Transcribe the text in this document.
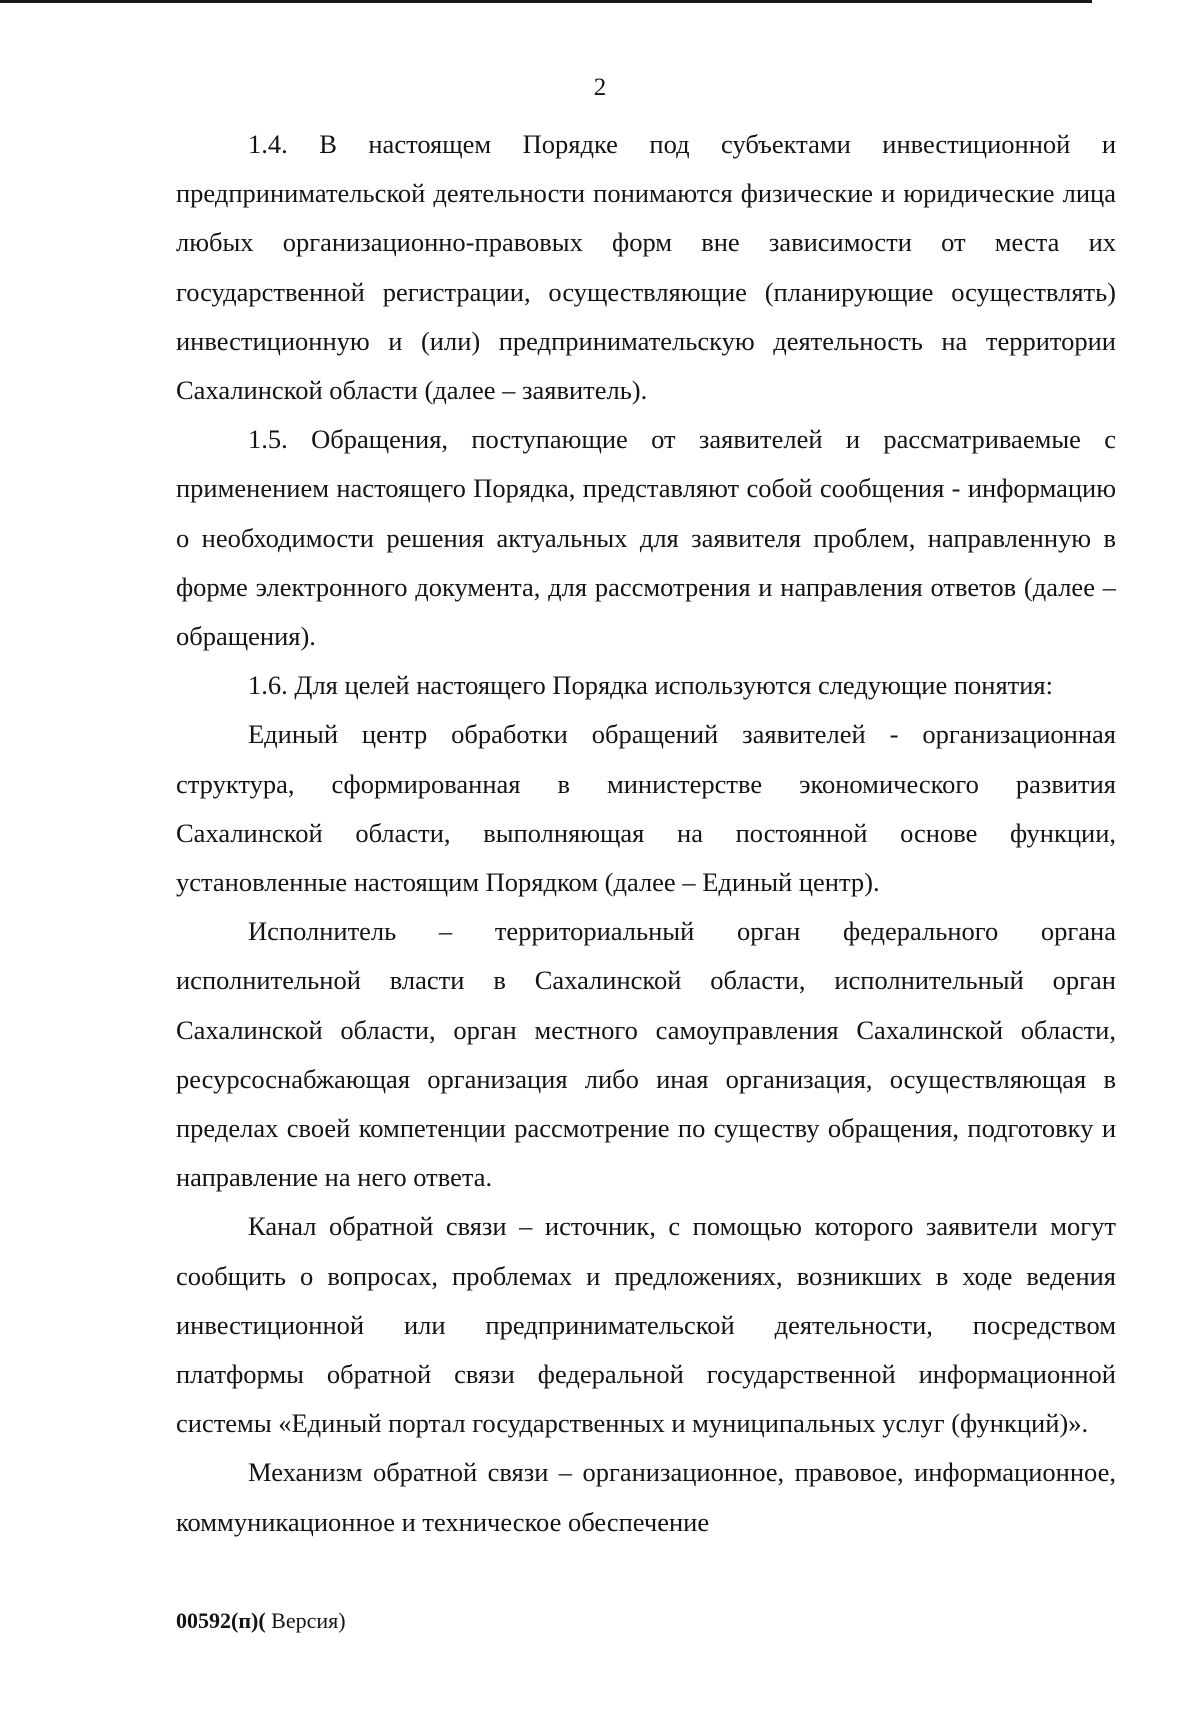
2

1.4. В настоящем Порядке под субъектами инвестиционной и предпринимательской деятельности понимаются физические и юридические лица любых организационно-правовых форм вне зависимости от места их государственной регистрации, осуществляющие (планирующие осуществлять) инвестиционную и (или) предпринимательскую деятельность на территории Сахалинской области (далее – заявитель).

1.5. Обращения, поступающие от заявителей и рассматриваемые с применением настоящего Порядка, представляют собой сообщения - информацию о необходимости решения актуальных для заявителя проблем, направленную в форме электронного документа, для рассмотрения и направления ответов (далее – обращения).

1.6. Для целей настоящего Порядка используются следующие понятия:

Единый центр обработки обращений заявителей - организационная структура, сформированная в министерстве экономического развития Сахалинской области, выполняющая на постоянной основе функции, установленные настоящим Порядком (далее – Единый центр).

Исполнитель – территориальный орган федерального органа исполнительной власти в Сахалинской области, исполнительный орган Сахалинской области, орган местного самоуправления Сахалинской области, ресурсоснабжающая организация либо иная организация, осуществляющая в пределах своей компетенции рассмотрение по существу обращения, подготовку и направление на него ответа.

Канал обратной связи – источник, с помощью которого заявители могут сообщить о вопросах, проблемах и предложениях, возникших в ходе ведения инвестиционной или предпринимательской деятельности, посредством платформы обратной связи федеральной государственной информационной системы «Единый портал государственных и муниципальных услуг (функций)».

Механизм обратной связи – организационное, правовое, информационное, коммуникационное и техническое обеспечение

00592(п)( Версия)
